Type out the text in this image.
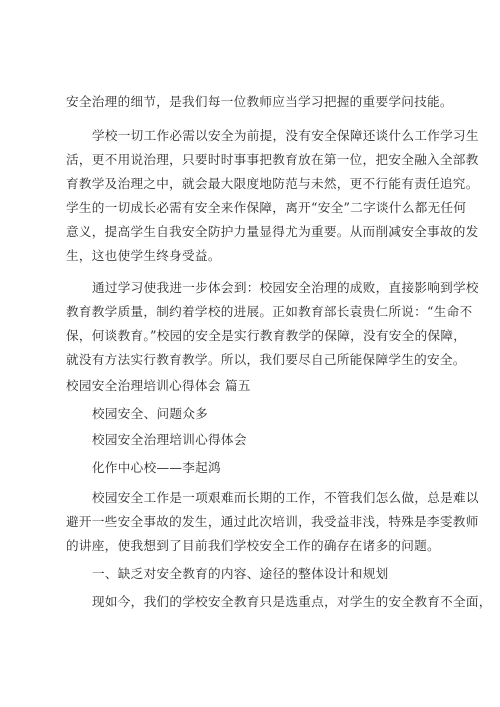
安全治理的细节，是我们每一位教师应当学习把握的重要学问技能。
学校一切工作必需以安全为前提，没有安全保障还谈什么工作学习生
活，更不用说治理，只要时时事事把教育放在第一位，把安全融入全部教
育教学及治理之中，就会最大限度地防范与未然，更不行能有责任追究。
学生的一切成长必需有安全来作保障，离开“安全”二字谈什么都无任何
意义，提高学生自我安全防护力量显得尤为重要。从而削减安全事故的发
生，这也使学生终身受益。
通过学习使我进一步体会到：校园安全治理的成败，直接影响到学校
教育教学质量，制约着学校的进展。正如教育部长袁贵仁所说：“生命不
保，何谈教育。”校园的安全是实行教育教学的保障，没有安全的保障，
就没有方法实行教育教学。所以，我们要尽自己所能保障学生的安全。
校园安全治理培训心得体会 篇五
校园安全、问题众多
校园安全治理培训心得体会
化作中心校——李起鸿
校园安全工作是一项艰难而长期的工作，不管我们怎么做，总是难以
避开一些安全事故的发生，通过此次培训，我受益非浅，特殊是李雯教师
的讲座，使我想到了目前我们学校安全工作的确存在诸多的问题。
一、缺乏对安全教育的内容、途径的整体设计和规划
现如今，我们的学校安全教育只是选重点，对学生的安全教育不全面，
